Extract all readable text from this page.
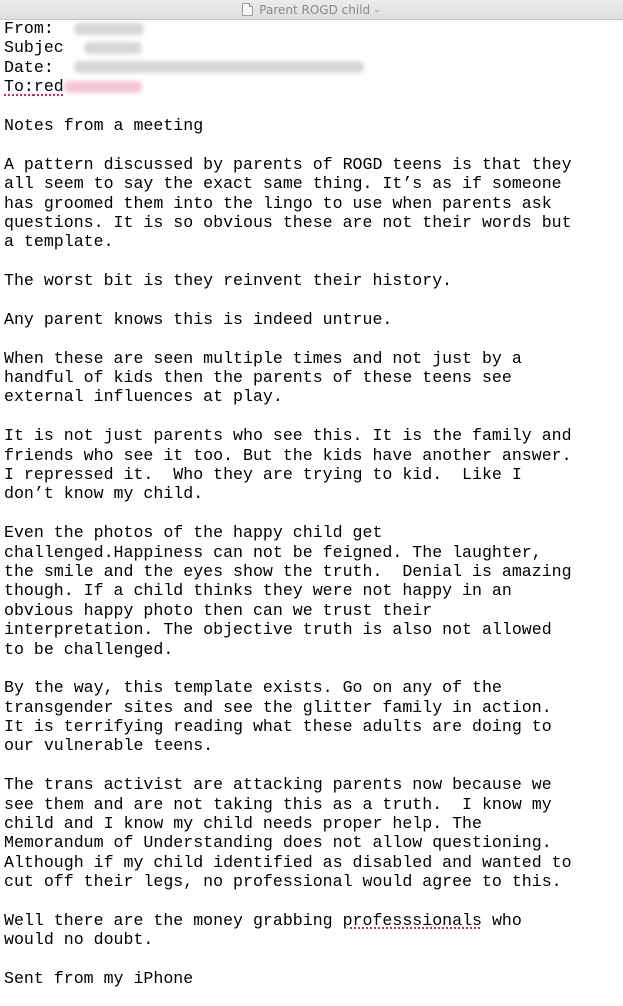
Parent ROGD child ⌄
From:
Subjec
Date:
To:red
Notes from a meeting
A pattern discussed by parents of ROGD teens is that they
all seem to say the exact same thing. It’s as if someone
has groomed them into the lingo to use when parents ask
questions. It is so obvious these are not their words but
a template.
The worst bit is they reinvent their history.
Any parent knows this is indeed untrue.
When these are seen multiple times and not just by a
handful of kids then the parents of these teens see
external influences at play.
It is not just parents who see this. It is the family and
friends who see it too. But the kids have another answer.
I repressed it.  Who they are trying to kid.  Like I
don’t know my child.
Even the photos of the happy child get
challenged.Happiness can not be feigned. The laughter,
the smile and the eyes show the truth.  Denial is amazing
though. If a child thinks they were not happy in an
obvious happy photo then can we trust their
interpretation. The objective truth is also not allowed
to be challenged.
By the way, this template exists. Go on any of the
transgender sites and see the glitter family in action.
It is terrifying reading what these adults are doing to
our vulnerable teens.
The trans activist are attacking parents now because we
see them and are not taking this as a truth.  I know my
child and I know my child needs proper help. The
Memorandum of Understanding does not allow questioning.
Although if my child identified as disabled and wanted to
cut off their legs, no professional would agree to this.
Well there are the money grabbing professsionals who
would no doubt.
Sent from my iPhone
